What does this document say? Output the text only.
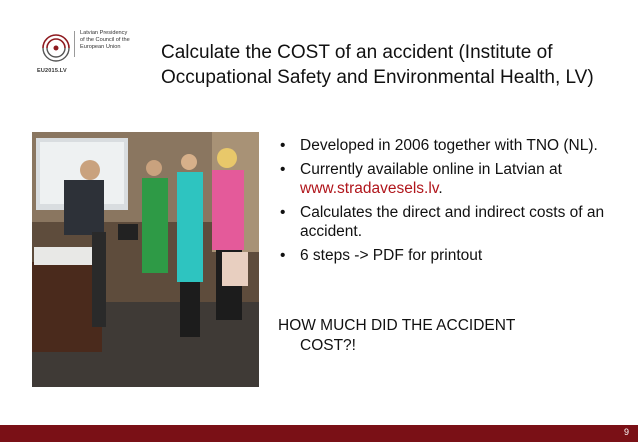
Latvian Presidency
of the Council of the
European Union
EU2015.LV
Calculate the COST of an accident (Institute of Occupational Safety and Environmental Health, LV)
• Developed in 2006 together with TNO (NL).
• Currently available online in Latvian at www.stradavesels.lv.
• Calculates the direct and indirect costs of an accident.
• 6 steps -> PDF for printout
HOW MUCH DID THE ACCIDENT
COST?!
9
